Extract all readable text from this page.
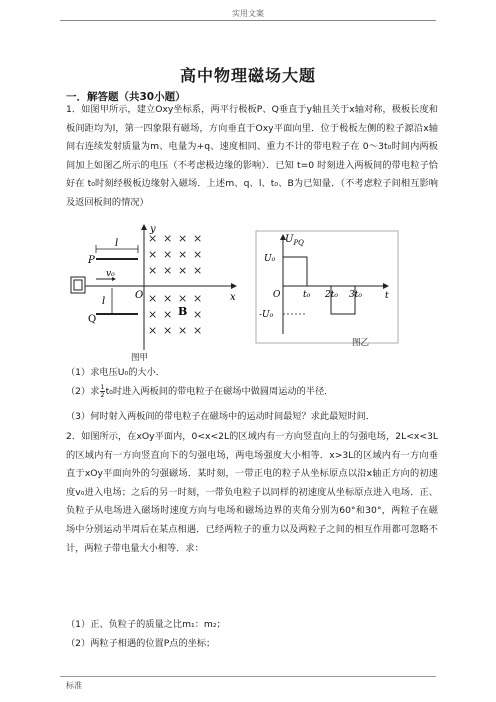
实用文案
高中物理磁场大题
一．解答题（共30小题）

1．如图甲所示，建立Oxy坐标系，两平行极板P、Q垂直于y轴且关于x轴对称，极板长度和板间距均为l，第一四象限有磁场，方向垂直于Oxy平面向里．位于极板左侧的粒子源沿x轴间右连续发射质量为m、电量为+q、速度相同、重力不计的带电粒子在 0～3t₀时间内两板间加上如图乙所示的电压（不考虑极边缘的影响）．已知 t=0 时刻进入两板间的带电粒子恰好在 t₀时刻经极板边缘射入磁场．上述m、q、l、t₀、B为已知量．（不考虑粒子间相互影响及返回板间的情况）

× × × ×
× × × ×
× × × ×
× × × ×
× × ×
× × × ×
P
Q
l
l
v₀
O
y
x
B
图甲
$U_{PQ}$
U₀
-U₀
O	t₀ 2t₀ 3t₀	t
图乙
（1）求电压U₀的大小．
（2）求 $\frac{1}{2} t_0$时进入两板间的带电粒子在磁场中做圆周运动的半径．
（3）何时射入两板间的带电粒子在磁场中的运动时间最短？求此最短时间．

2．如图所示，在xOy平面内，0<x<2L的区域内有一方向竖直向上的匀强电场，2L<x<3L的区域内有一方向竖直向下的匀强电场，两电场强度大小相等．x>3L的区域内有一方向垂直于xOy平面向外的匀强磁场．某时刻，一带正电的粒子从坐标原点以沿x轴正方向的初速度v₀进入电场；之后的另一时刻，一带负电粒子以同样的初速度从坐标原点进入电场．正、负粒子从电场进入磁场时速度方向与电场和磁场边界的夹角分别为60°和30°，两粒子在磁场中分别运动半周后在某点相遇．已经两粒子的重力以及两粒子之间的相互作用都可忽略不计，两粒子带电量大小相等．求：

（1）正、负粒子的质量之比m₁：m₂；
（2）两粒子相遇的位置P点的坐标；
标准
